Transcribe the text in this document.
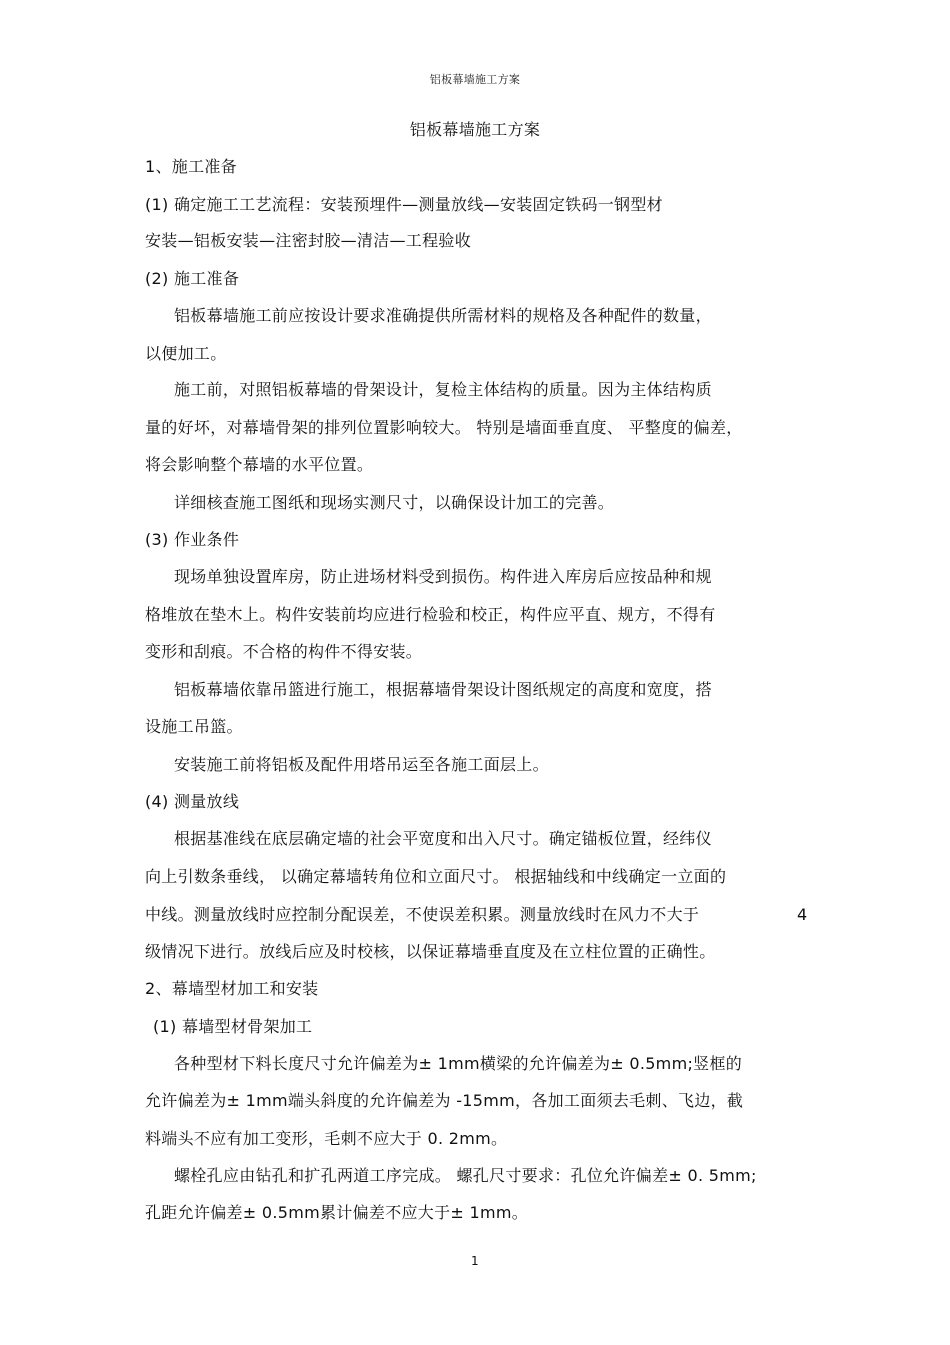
铝板幕墙施工方案
铝板幕墙施工方案
1、施工准备
(1) 确定施工工艺流程：安装预埋件—测量放线—安装固定铁码一钢型材
安装—铝板安装—注密封胶—清洁—工程验收
(2) 施工准备
铝板幕墙施工前应按设计要求准确提供所需材料的规格及各种配件的数量，
以便加工。
施工前，对照铝板幕墙的骨架设计，复检主体结构的质量。因为主体结构质
量的好坏，对幕墙骨架的排列位置影响较大。 特别是墙面垂直度、 平整度的偏差，
将会影响整个幕墙的水平位置。
详细核查施工图纸和现场实测尺寸，以确保设计加工的完善。
(3) 作业条件
现场单独设置库房，防止进场材料受到损伤。构件进入库房后应按品种和规
格堆放在垫木上。构件安装前均应进行检验和校正，构件应平直、规方，不得有
变形和刮痕。不合格的构件不得安装。
铝板幕墙依靠吊篮进行施工，根据幕墙骨架设计图纸规定的高度和宽度，搭
设施工吊篮。
安装施工前将铝板及配件用塔吊运至各施工面层上。
(4) 测量放线
根据基准线在底层确定墙的社会平宽度和出入尺寸。确定锚板位置，经纬仪
向上引数条垂线， 以确定幕墙转角位和立面尺寸。 根据轴线和中线确定一立面的
中线。测量放线时应控制分配误差，不使误差积累。测量放线时在风力不大于	4
级情况下进行。放线后应及时校核，以保证幕墙垂直度及在立柱位置的正确性。
2、幕墙型材加工和安装
(1) 幕墙型材骨架加工
各种型材下料长度尺寸允许偏差为± 1mm横梁的允许偏差为± 0.5mm;竖框的
允许偏差为± 1mm端头斜度的允许偏差为 -15mm，各加工面须去毛刺、飞边，截
料端头不应有加工变形，毛刺不应大于 0. 2mm。
螺栓孔应由钻孔和扩孔两道工序完成。 螺孔尺寸要求：孔位允许偏差± 0. 5mm;
孔距允许偏差± 0.5mm累计偏差不应大于± 1mm。
1
